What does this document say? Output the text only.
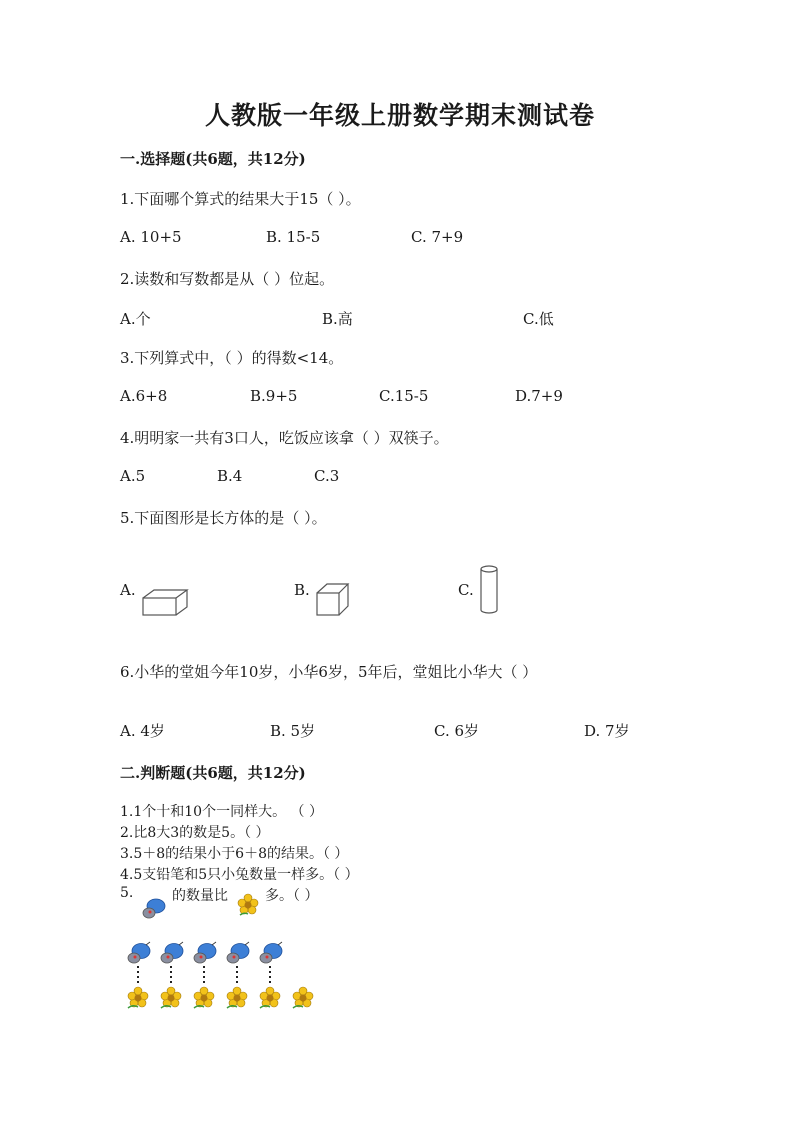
人教版一年级上册数学期末测试卷
一.选择题(共6题，共12分)
1.下面哪个算式的结果大于15（ ）。
A. 10+5	B. 15-5	C. 7+9
2.读数和写数都是从（ ）位起。
A.个	B.高	C.低
3.下列算式中，（ ）的得数<14。
A.6+8	B.9+5	C.15-5	D.7+9
4.明明家一共有3口人，吃饭应该拿（ ）双筷子。
A.5	B.4	C.3
5.下面图形是长方体的是（ ）。
A.	B.	C.
6.小华的堂姐今年10岁，小华6岁，5年后，堂姐比小华大（ ）
A. 4岁	B. 5岁	C. 6岁	D. 7岁
二.判断题(共6题，共12分)
1.1个十和10个一同样大。 （ ）
2.比8大3的数是5。（ ）
3.5＋8的结果小于6＋8的结果。（ ）
4.5支铅笔和5只小兔数量一样多。（ ）
5.	的数量比	多。（ ）
